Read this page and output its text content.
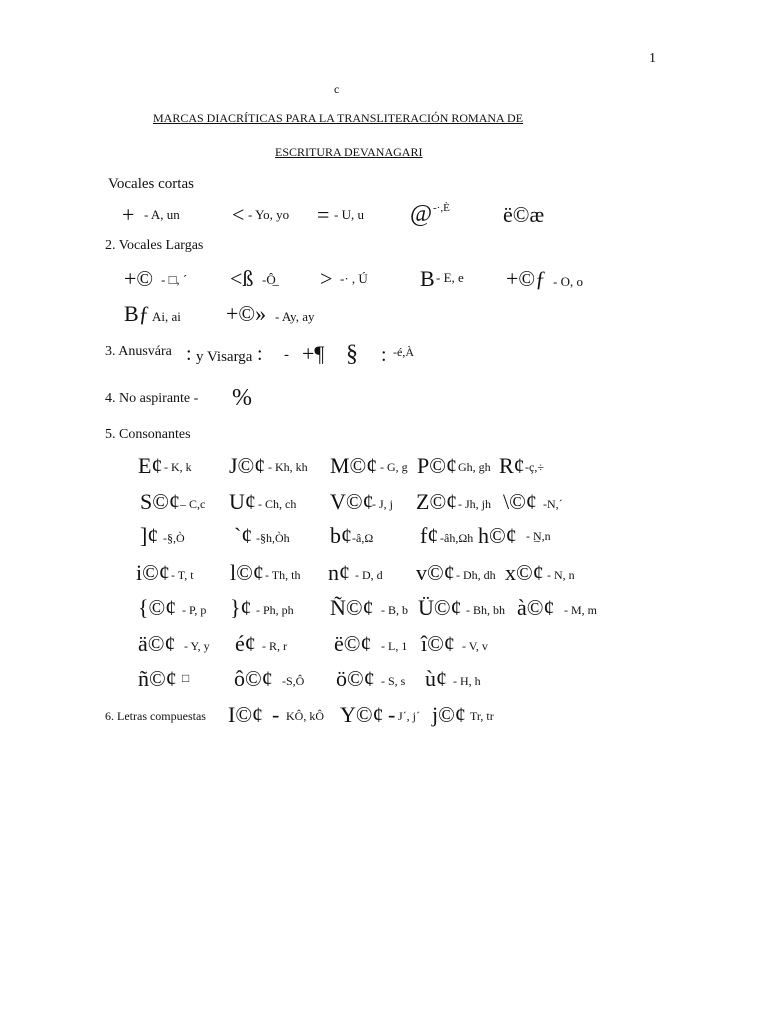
1
c
MARCAS DIACRÍTICAS PARA LA TRANSLITERACIÓN ROMANA DE
ESCRITURA DEVANAGARI
Vocales cortas
+ - A, un < - Yo, yo = - U, u @ -·,È ë©æ
2. Vocales Largas
+© - □, ´ <ß -Ô̲ > -· , Ú B - E, e +©ƒ - O, o
Bƒ Ai, ai +©» - Ay, ay
3. Anusvára : y Visarga : - +¶ § : -é,À
4. No aspirante - %
5. Consonantes
E¢ - K, k J©¢ - Kh, kh M©¢ - G, g P©¢ Gh, gh R¢ -ç,÷
S©¢ – C,c U¢ - Ch, ch V©¢
- J, j Z©¢ - Jh, jh \©¢ -N,´
]¢ -§,Ò `¢ -§h,Òh b¢ -â,Ω f¢ -âh,Ωh h©¢ - N̲,n
i©¢ - T, t l©¢ - Th, th n¢ - D, d v©¢ - Dh, dh x©¢ - N, n
{©¢ - P, p }¢ - Ph, ph Ñ©¢ - B, b Ü©¢ - Bh, bh à©¢ - M, m
ä©¢ - Y, y é¢ - R, r ë©¢ - L, 1 î©¢ - V, v
ñ©¢ □ ô©¢ -S,Ô ö©¢ - S, s ù¢ - H, h
6. Letras compuestas I©¢ - KÔ, kÔ Y©¢ - J´, j´ j©¢ Tr, tr
